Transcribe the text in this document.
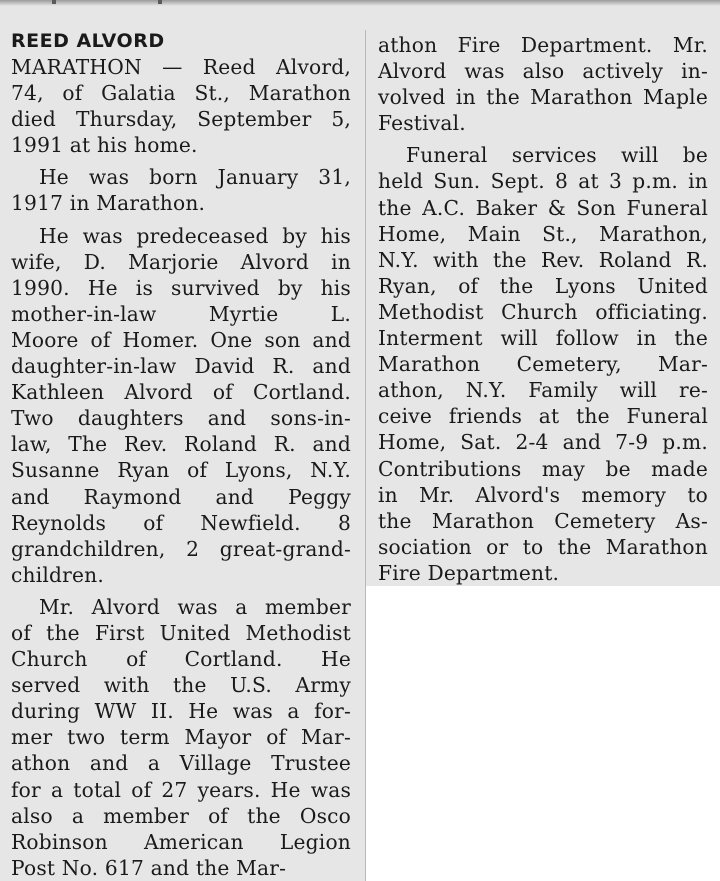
REED ALVORD
MARATHON — Reed Alvord,
74, of Galatia St., Marathon
died Thursday, September 5,
1991 at his home.
He was born January 31,
1917 in Marathon.
He was predeceased by his
wife, D. Marjorie Alvord in
1990. He is survived by his
mother-in-law Myrtie L.
Moore of Homer. One son and
daughter-in-law David R. and
Kathleen Alvord of Cortland.
Two daughters and sons-in-
law, The Rev. Roland R. and
Susanne Ryan of Lyons, N.Y.
and Raymond and Peggy
Reynolds of Newfield. 8
grandchildren, 2 great-grand-
children.
Mr. Alvord was a member
of the First United Methodist
Church of Cortland. He
served with the U.S. Army
during WW II. He was a for-
mer two term Mayor of Mar-
athon and a Village Trustee
for a total of 27 years. He was
also a member of the Osco
Robinson American Legion
Post No. 617 and the Mar-
athon Fire Department. Mr.
Alvord was also actively in-
volved in the Marathon Maple
Festival.
Funeral services will be
held Sun. Sept. 8 at 3 p.m. in
the A.C. Baker & Son Funeral
Home, Main St., Marathon,
N.Y. with the Rev. Roland R.
Ryan, of the Lyons United
Methodist Church officiating.
Interment will follow in the
Marathon Cemetery, Mar-
athon, N.Y. Family will re-
ceive friends at the Funeral
Home, Sat. 2-4 and 7-9 p.m.
Contributions may be made
in Mr. Alvord's memory to
the Marathon Cemetery As-
sociation or to the Marathon
Fire Department.
